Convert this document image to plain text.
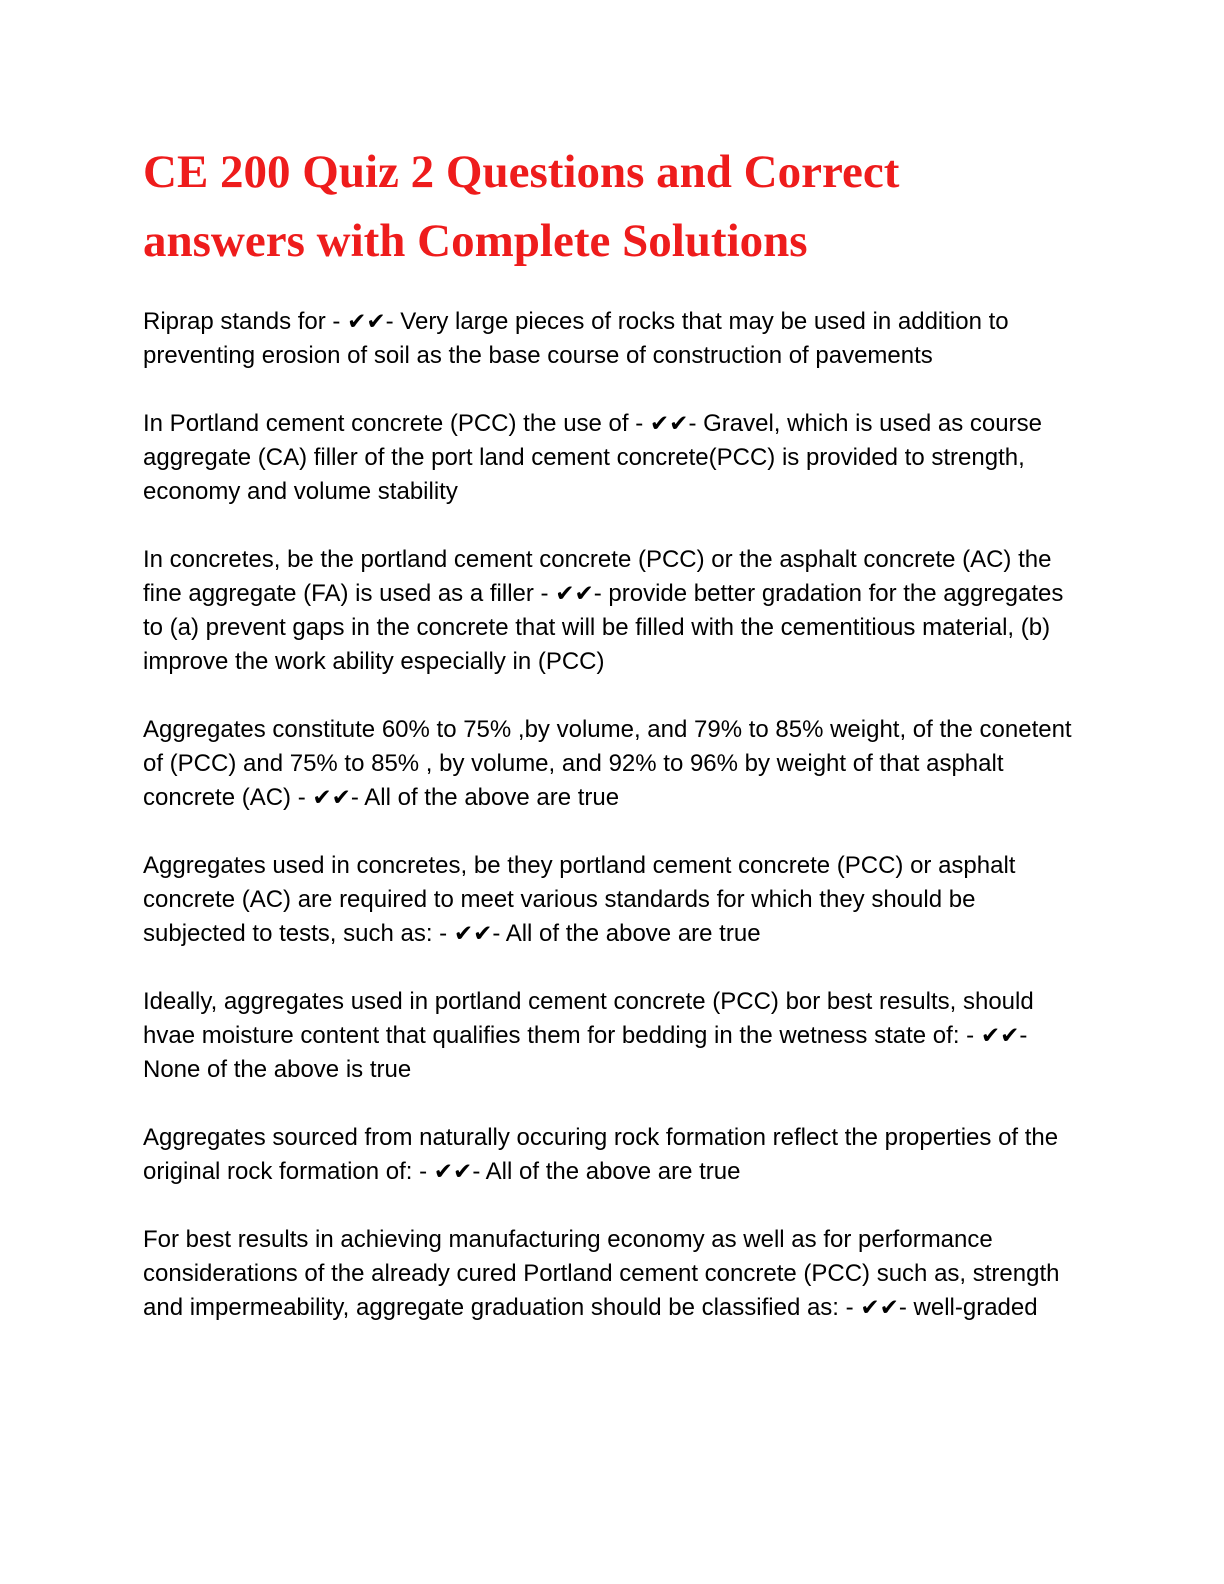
CE 200 Quiz 2 Questions and Correct answers with Complete Solutions

Riprap stands for - ✔✔- Very large pieces of rocks that may be used in addition to preventing erosion of soil as the base course of construction of pavements

In Portland cement concrete (PCC) the use of - ✔✔- Gravel, which is used as course aggregate (CA) filler of the port land cement concrete(PCC) is provided to strength, economy and volume stability

In concretes, be the portland cement concrete (PCC) or the asphalt concrete (AC) the fine aggregate (FA) is used as a filler - ✔✔- provide better gradation for the aggregates to (a) prevent gaps in the concrete that will be filled with the cementitious material, (b) improve the work ability especially in (PCC)

Aggregates constitute 60% to 75% ,by volume, and 79% to 85% weight, of the conetent of (PCC) and 75% to 85% , by volume, and 92% to 96% by weight of that asphalt concrete (AC) - ✔✔- All of the above are true

Aggregates used in concretes, be they portland cement concrete (PCC) or asphalt concrete (AC) are required to meet various standards for which they should be subjected to tests, such as: - ✔✔- All of the above are true

Ideally, aggregates used in portland cement concrete (PCC) bor best results, should hvae moisture content that qualifies them for bedding in the wetness state of: - ✔✔- None of the above is true

Aggregates sourced from naturally occuring rock formation reflect the properties of the original rock formation of: - ✔✔- All of the above are true

For best results in achieving manufacturing economy as well as for performance considerations of the already cured Portland cement concrete (PCC) such as, strength and impermeability, aggregate graduation should be classified as: - ✔✔- well-graded
